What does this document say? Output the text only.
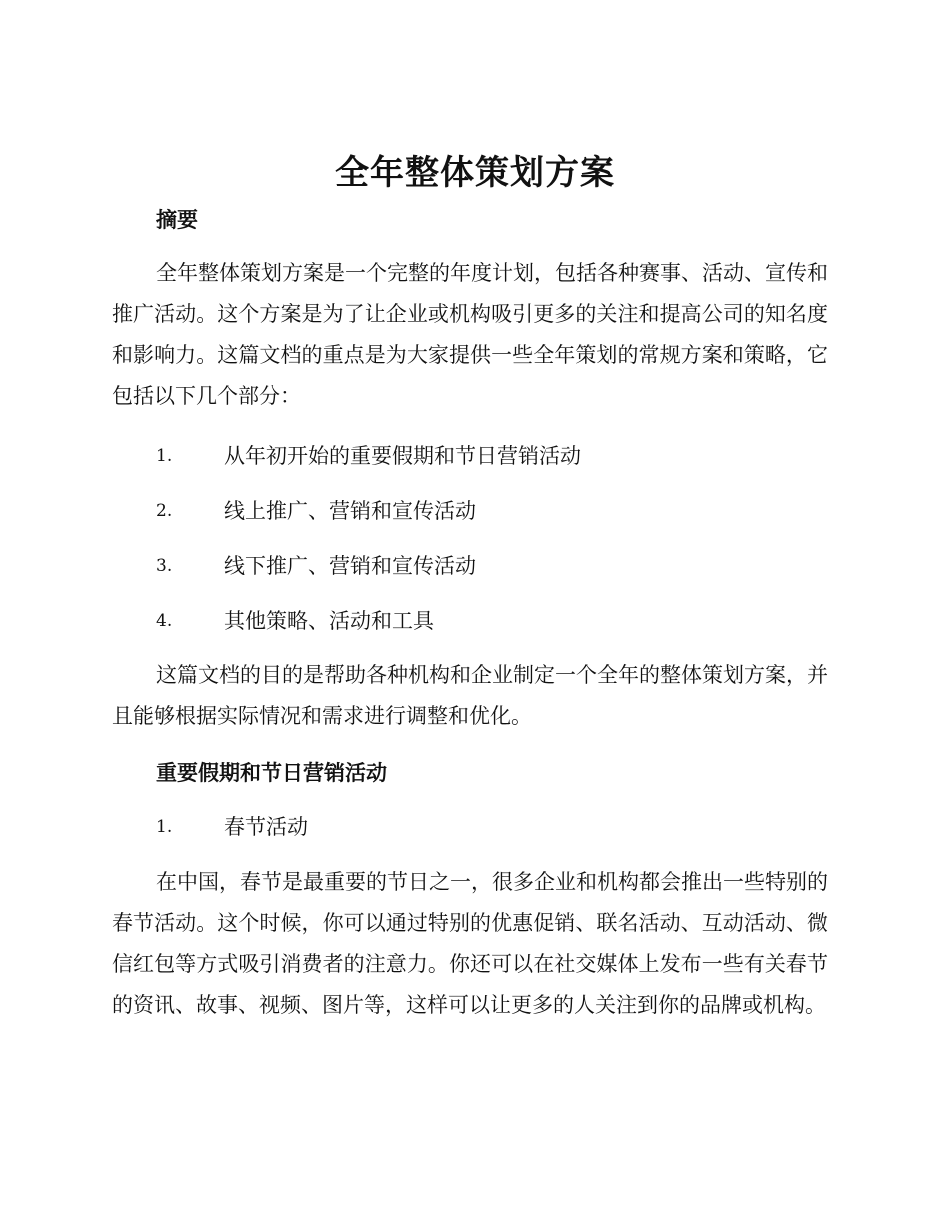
全年整体策划方案
摘要

全年整体策划方案是一个完整的年度计划，包括各种赛事、活动、宣传和推广活动。这个方案是为了让企业或机构吸引更多的关注和提高公司的知名度和影响力。这篇文档的重点是为大家提供一些全年策划的常规方案和策略，它包括以下几个部分：

1. 从年初开始的重要假期和节日营销活动
2. 线上推广、营销和宣传活动
3. 线下推广、营销和宣传活动
4. 其他策略、活动和工具

这篇文档的目的是帮助各种机构和企业制定一个全年的整体策划方案，并且能够根据实际情况和需求进行调整和优化。

重要假期和节日营销活动
1. 春节活动

在中国，春节是最重要的节日之一，很多企业和机构都会推出一些特别的春节活动。这个时候，你可以通过特别的优惠促销、联名活动、互动活动、微信红包等方式吸引消费者的注意力。你还可以在社交媒体上发布一些有关春节的资讯、故事、视频、图片等，这样可以让更多的人关注到你的品牌或机构。
